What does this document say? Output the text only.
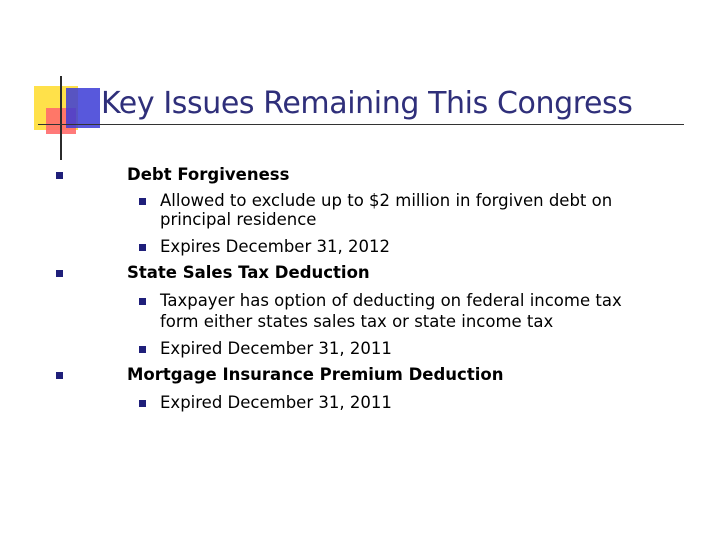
Key Issues Remaining This Congress
Debt Forgiveness
Allowed to exclude up to $2 million in forgiven debt on
principal residence
Expires December 31, 2012
State Sales Tax Deduction
Taxpayer has option of deducting on federal income tax
form either states sales tax or state income tax
Expired December 31, 2011
Mortgage Insurance Premium Deduction
Expired December 31, 2011
